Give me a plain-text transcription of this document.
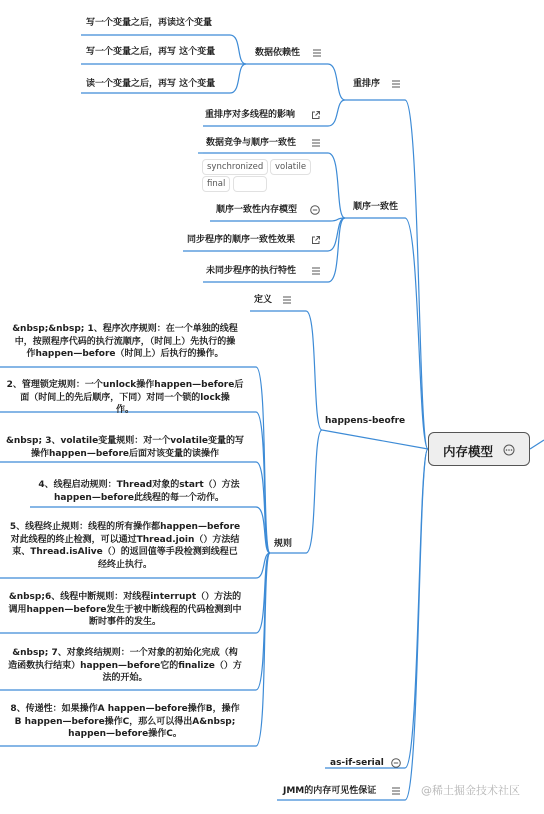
内存模型
重排序
数据依赖性
写一个变量之后，再读这个变量
写一个变量之后，再写 这个变量
读一个变量之后，再写 这个变量
重排序对多线程的影响
顺序一致性
数据竞争与顺序一致性
synchronized	volatile
final
顺序一致性内存模型
同步程序的顺序一致性效果
未同步程序的执行特性
happens-beofre
定义
规则
&nbsp;&nbsp; 1、程序次序规则：在一个单独的线程
中，按照程序代码的执行流顺序，（时间上）先执行的操
作happen—before（时间上）后执行的操作。
2、管理锁定规则：一个unlock操作happen—before后
面（时间上的先后顺序，下同）对同一个锁的lock操
作。
&nbsp; 3、volatile变量规则：对一个volatile变量的写
操作happen—before后面对该变量的读操作
4、线程启动规则：Thread对象的start（）方法
happen—before此线程的每一个动作。
5、线程终止规则：线程的所有操作都happen—before
对此线程的终止检测，可以通过Thread.join（）方法结
束、Thread.isAlive（）的返回值等手段检测到线程已
经终止执行。
&nbsp;6、线程中断规则：对线程interrupt（）方法的
调用happen—before发生于被中断线程的代码检测到中
断时事件的发生。
&nbsp; 7、对象终结规则：一个对象的初始化完成（构
造函数执行结束）happen—before它的finalize（）方
法的开始。
8、传递性：如果操作A happen—before操作B，操作
B happen—before操作C，那么可以得出A&nbsp;
happen—before操作C。
as-if-serial
JMM的内存可见性保证	@稀土掘金技术社区
